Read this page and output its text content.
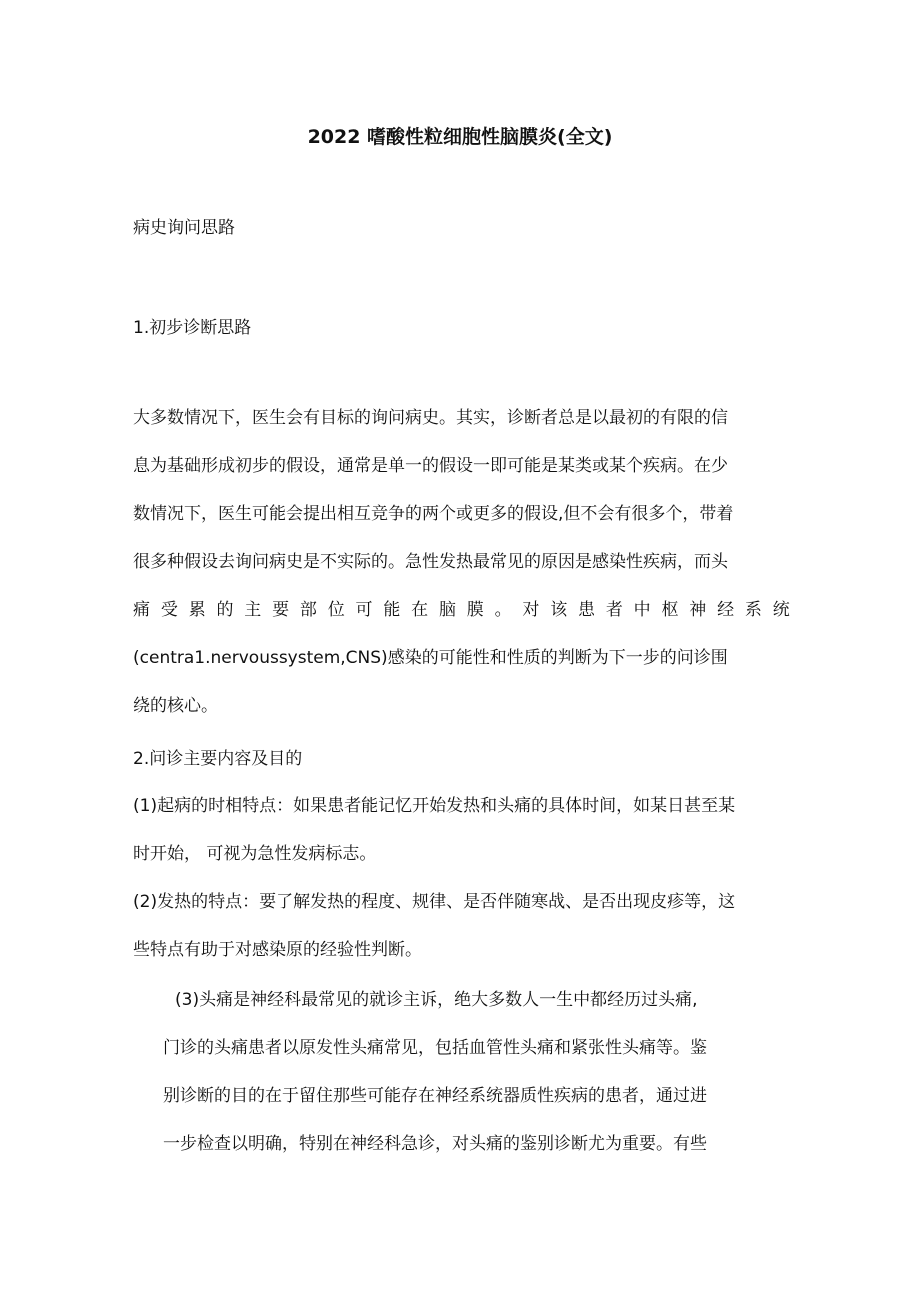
2022 嗜酸性粒细胞性脑膜炎(全文)
病史询问思路
1.初步诊断思路
大多数情况下，医生会有目标的询问病史。其实，诊断者总是以最初的有限的信
息为基础形成初步的假设，通常是单一的假设一即可能是某类或某个疾病。在少
数情况下，医生可能会提出相互竞争的两个或更多的假设,但不会有很多个，带着
很多种假设去询问病史是不实际的。急性发热最常见的原因是感染性疾病，而头
痛 受 累 的 主 要 部 位 可 能 在 脑 膜 。 对 该 患 者 中 枢 神 经 系 统
(centra1.nervoussystem,CNS)感染的可能性和性质的判断为下一步的问诊围
绕的核心。
2.问诊主要内容及目的
(1)起病的时相特点：如果患者能记忆开始发热和头痛的具体时间，如某日甚至某
时开始， 可视为急性发病标志。
(2)发热的特点：要了解发热的程度、规律、是否伴随寒战、是否出现皮疹等，这
些特点有助于对感染原的经验性判断。
(3)头痛是神经科最常见的就诊主诉，绝大多数人一生中都经历过头痛,
门诊的头痛患者以原发性头痛常见，包括血管性头痛和紧张性头痛等。鉴
别诊断的目的在于留住那些可能存在神经系统器质性疾病的患者，通过进
一步检查以明确，特别在神经科急诊，对头痛的鉴别诊断尤为重要。有些
